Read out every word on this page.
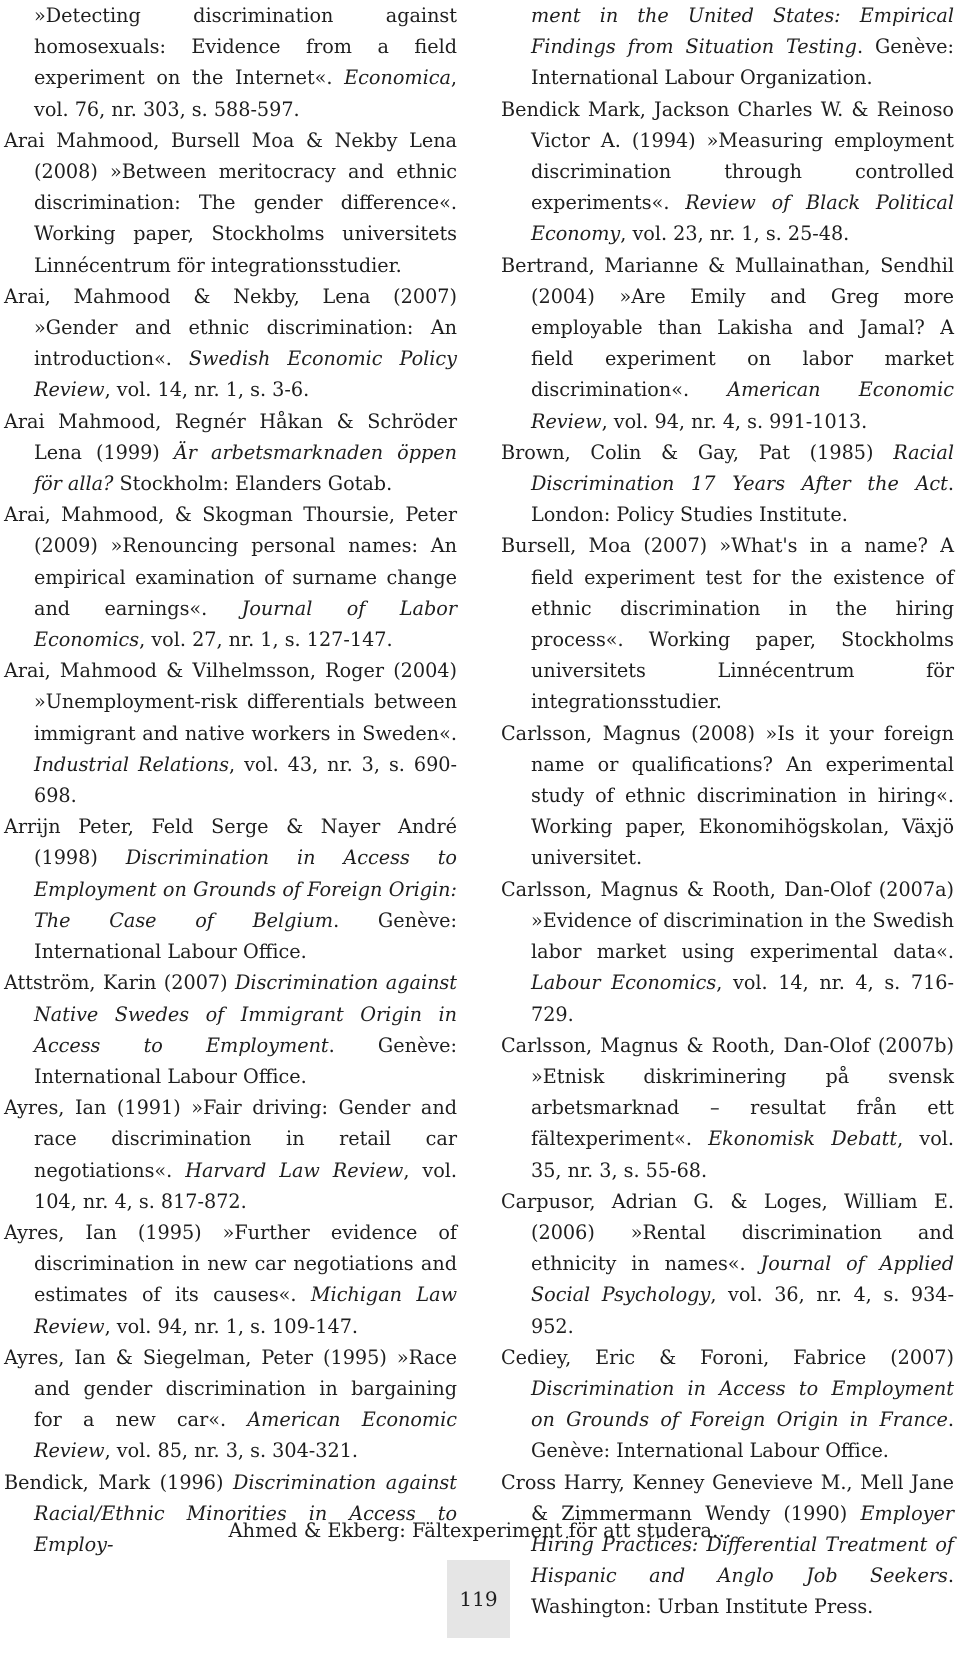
»Detecting discrimination against homosexuals: Evidence from a field experiment on the Internet«. Economica, vol. 76, nr. 303, s. 588-597.

Arai Mahmood, Bursell Moa & Nekby Lena (2008) »Between meritocracy and ethnic discrimination: The gender difference«. Working paper, Stockholms universitets Linnécentrum för integrationsstudier.

Arai, Mahmood & Nekby, Lena (2007) »Gender and ethnic discrimination: An introduction«. Swedish Economic Policy Review, vol. 14, nr. 1, s. 3-6.

Arai Mahmood, Regnér Håkan & Schröder Lena (1999) Är arbetsmarknaden öppen för alla? Stockholm: Elanders Gotab.

Arai, Mahmood, & Skogman Thoursie, Peter (2009) »Renouncing personal names: An empirical examination of surname change and earnings«. Journal of Labor Economics, vol. 27, nr. 1, s. 127-147.

Arai, Mahmood & Vilhelmsson, Roger (2004) »Unemployment-risk differentials between immigrant and native workers in Sweden«. Industrial Relations, vol. 43, nr. 3, s. 690-698.

Arrijn Peter, Feld Serge & Nayer André (1998) Discrimination in Access to Employment on Grounds of Foreign Origin: The Case of Belgium. Genève: International Labour Office.

Attström, Karin (2007) Discrimination against Native Swedes of Immigrant Origin in Access to Employment. Genève: International Labour Office.

Ayres, Ian (1991) »Fair driving: Gender and race discrimination in retail car negotiations«. Harvard Law Review, vol. 104, nr. 4, s. 817-872.

Ayres, Ian (1995) »Further evidence of discrimination in new car negotiations and estimates of its causes«. Michigan Law Review, vol. 94, nr. 1, s. 109-147.

Ayres, Ian & Siegelman, Peter (1995) »Race and gender discrimination in bargaining for a new car«. American Economic Review, vol. 85, nr. 3, s. 304-321.

Bendick, Mark (1996) Discrimination against Racial/Ethnic Minorities in Access to Employ-

ment in the United States: Empirical Findings from Situation Testing. Genève: International Labour Organization.

Bendick Mark, Jackson Charles W. & Reinoso Victor A. (1994) »Measuring employment discrimination through controlled experiments«. Review of Black Political Economy, vol. 23, nr. 1, s. 25-48.

Bertrand, Marianne & Mullainathan, Sendhil (2004) »Are Emily and Greg more employable than Lakisha and Jamal? A field experiment on labor market discrimination«. American Economic Review, vol. 94, nr. 4, s. 991-1013.

Brown, Colin & Gay, Pat (1985) Racial Discrimination 17 Years After the Act. London: Policy Studies Institute.

Bursell, Moa (2007) »What's in a name? A field experiment test for the existence of ethnic discrimination in the hiring process«. Working paper, Stockholms universitets Linnécentrum för integrationsstudier.

Carlsson, Magnus (2008) »Is it your foreign name or qualifications? An experimental study of ethnic discrimination in hiring«. Working paper, Ekonomihögskolan, Växjö universitet.

Carlsson, Magnus & Rooth, Dan-Olof (2007a) »Evidence of discrimination in the Swedish labor market using experimental data«. Labour Economics, vol. 14, nr. 4, s. 716-729.

Carlsson, Magnus & Rooth, Dan-Olof (2007b) »Etnisk diskriminering på svensk arbetsmarknad – resultat från ett fältexperiment«. Ekonomisk Debatt, vol. 35, nr. 3, s. 55-68.

Carpusor, Adrian G. & Loges, William E. (2006) »Rental discrimination and ethnicity in names«. Journal of Applied Social Psychology, vol. 36, nr. 4, s. 934-952.

Cediey, Eric & Foroni, Fabrice (2007) Discrimination in Access to Employment on Grounds of Foreign Origin in France. Genève: International Labour Office.

Cross Harry, Kenney Genevieve M., Mell Jane & Zimmermann Wendy (1990) Employer Hiring Practices: Differential Treatment of Hispanic and Anglo Job Seekers. Washington: Urban Institute Press.

Ahmed & Ekberg: Fältexperiment för att studera…
119
